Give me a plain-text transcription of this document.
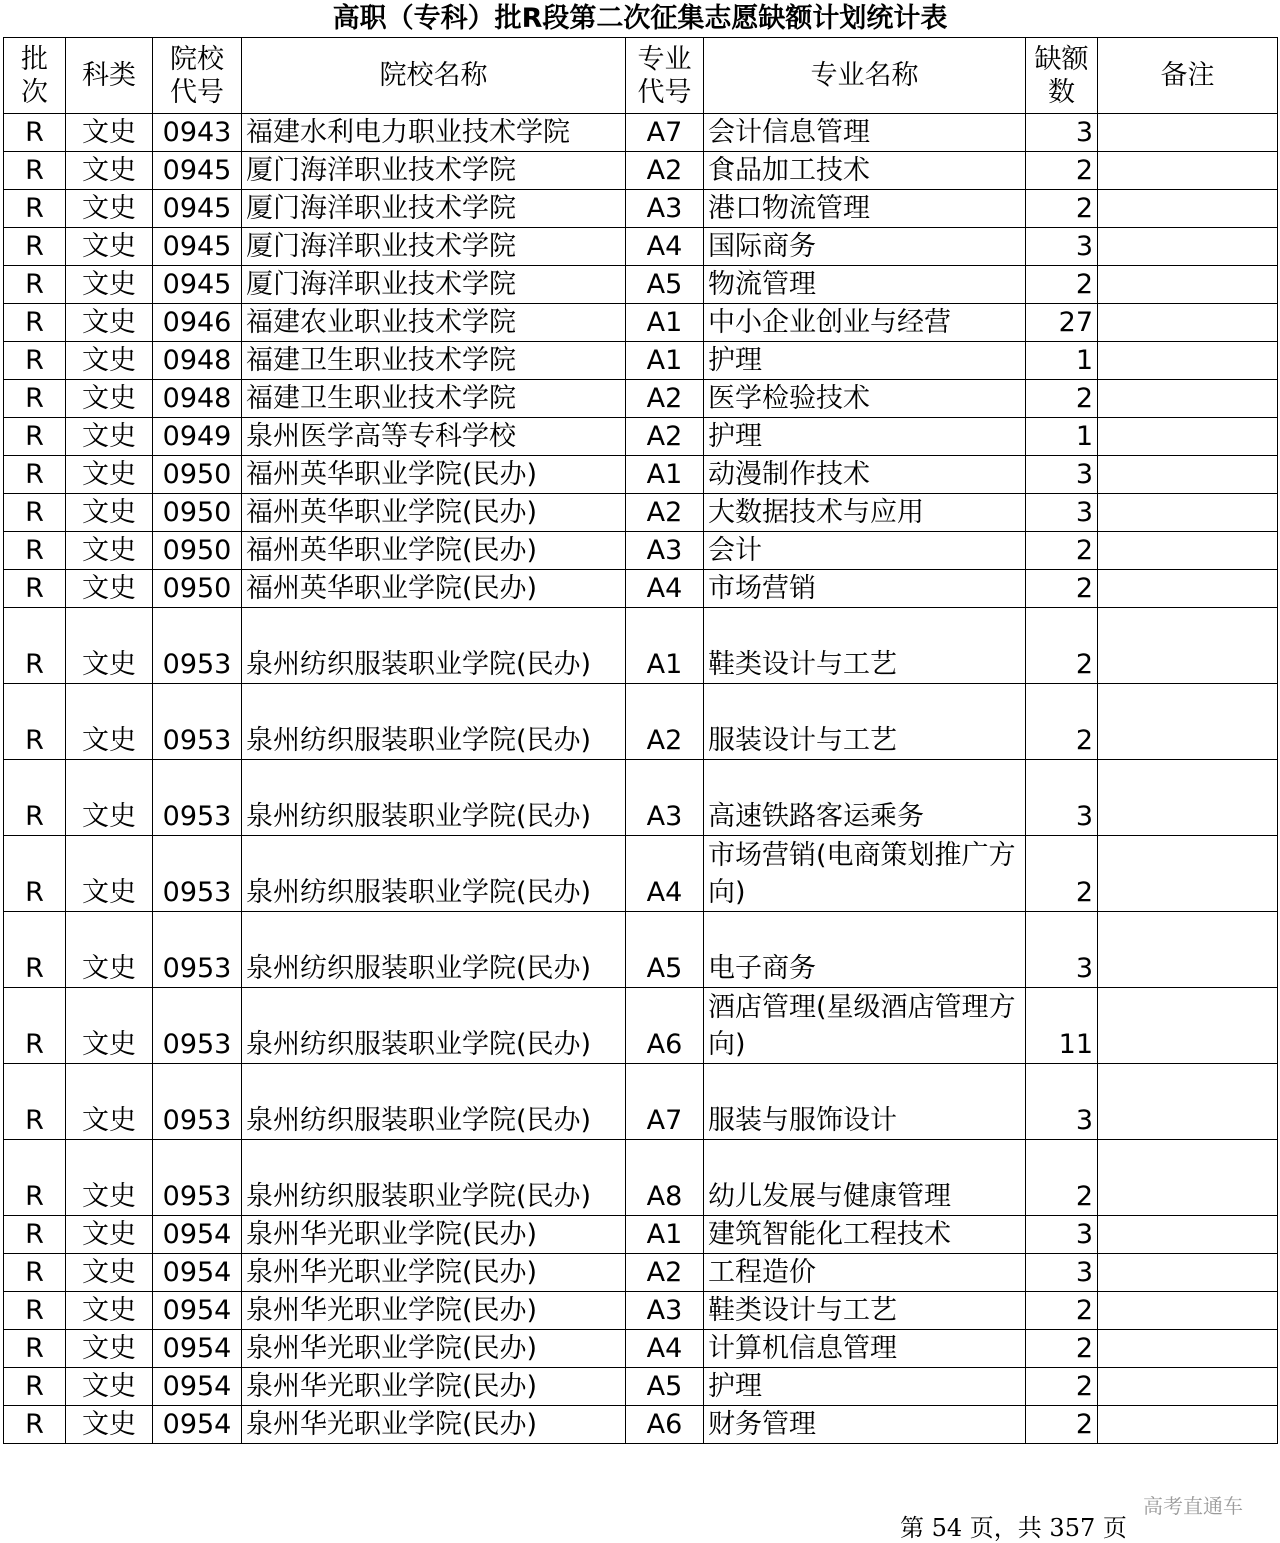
高职（专科）批R段第二次征集志愿缺额计划统计表
批次	科类	院校代号	院校名称	专业代号	专业名称	缺额数	备注
R	文史	0943	福建水利电力职业技术学院	A7	会计信息管理	3	
R	文史	0945	厦门海洋职业技术学院	A2	食品加工技术	2	
R	文史	0945	厦门海洋职业技术学院	A3	港口物流管理	2	
R	文史	0945	厦门海洋职业技术学院	A4	国际商务	3	
R	文史	0945	厦门海洋职业技术学院	A5	物流管理	2	
R	文史	0946	福建农业职业技术学院	A1	中小企业创业与经营	27	
R	文史	0948	福建卫生职业技术学院	A1	护理	1	
R	文史	0948	福建卫生职业技术学院	A2	医学检验技术	2	
R	文史	0949	泉州医学高等专科学校	A2	护理	1	
R	文史	0950	福州英华职业学院(民办)	A1	动漫制作技术	3	
R	文史	0950	福州英华职业学院(民办)	A2	大数据技术与应用	3	
R	文史	0950	福州英华职业学院(民办)	A3	会计	2	
R	文史	0950	福州英华职业学院(民办)	A4	市场营销	2	
R	文史	0953	泉州纺织服装职业学院(民办)	A1	鞋类设计与工艺	2	
R	文史	0953	泉州纺织服装职业学院(民办)	A2	服装设计与工艺	2	
R	文史	0953	泉州纺织服装职业学院(民办)	A3	高速铁路客运乘务	3	
R	文史	0953	泉州纺织服装职业学院(民办)	A4	市场营销(电商策划推广方向)	2	
R	文史	0953	泉州纺织服装职业学院(民办)	A5	电子商务	3	
R	文史	0953	泉州纺织服装职业学院(民办)	A6	酒店管理(星级酒店管理方向)	11	
R	文史	0953	泉州纺织服装职业学院(民办)	A7	服装与服饰设计	3	
R	文史	0953	泉州纺织服装职业学院(民办)	A8	幼儿发展与健康管理	2	
R	文史	0954	泉州华光职业学院(民办)	A1	建筑智能化工程技术	3	
R	文史	0954	泉州华光职业学院(民办)	A2	工程造价	3	
R	文史	0954	泉州华光职业学院(民办)	A3	鞋类设计与工艺	2	
R	文史	0954	泉州华光职业学院(民办)	A4	计算机信息管理	2	
R	文史	0954	泉州华光职业学院(民办)	A5	护理	2	
R	文史	0954	泉州华光职业学院(民办)	A6	财务管理	2	
第 54 页，共 357 页
高考直通车
